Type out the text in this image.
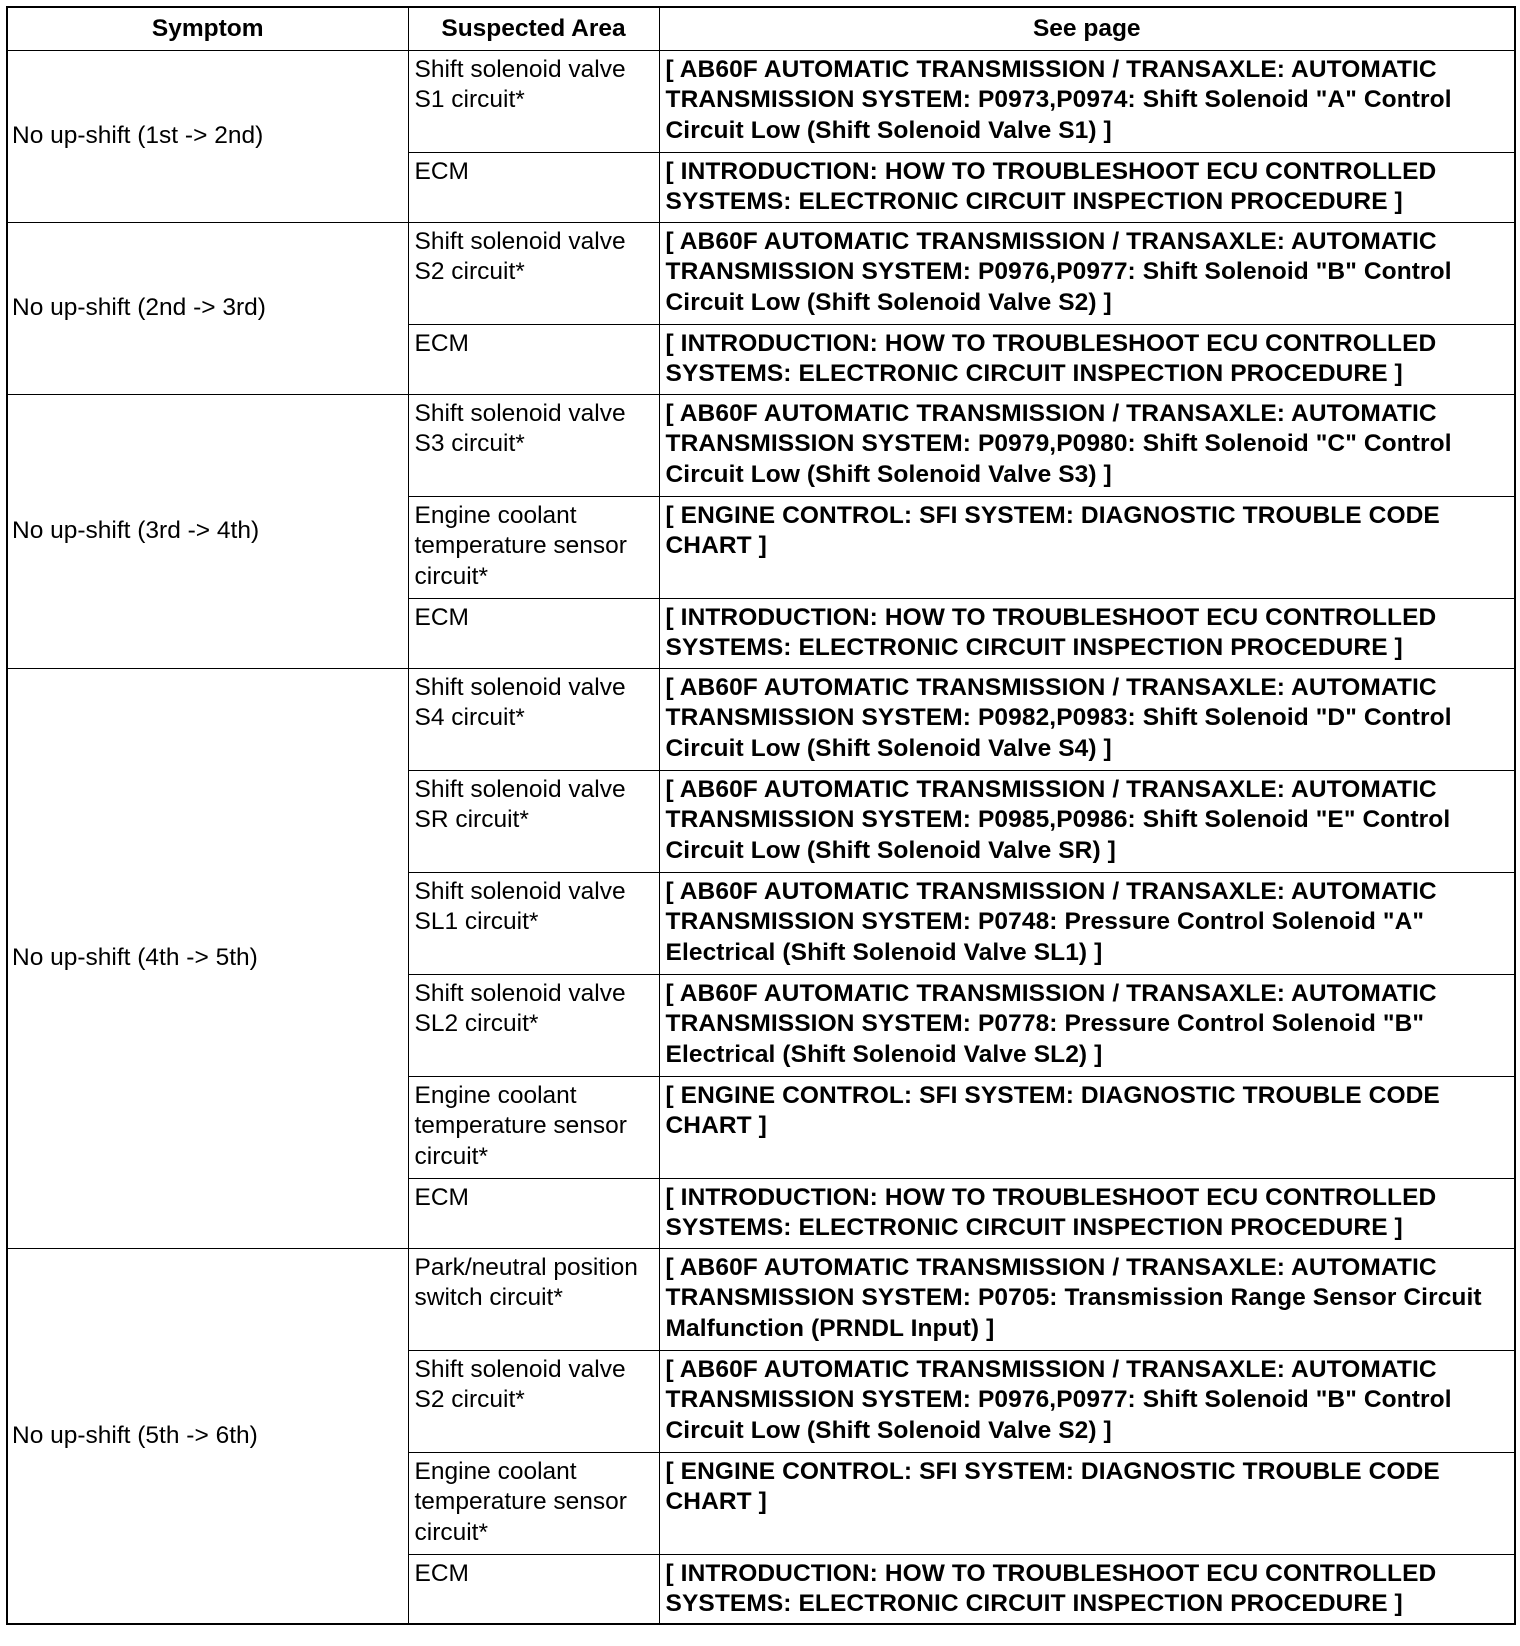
Symptom	Suspected Area	See page
No up-shift (1st -> 2nd)	Shift solenoid valve S1 circuit*	[ AB60F AUTOMATIC TRANSMISSION / TRANSAXLE: AUTOMATIC TRANSMISSION SYSTEM: P0973,P0974: Shift Solenoid "A" Control Circuit Low (Shift Solenoid Valve S1) ]
	ECM	[ INTRODUCTION: HOW TO TROUBLESHOOT ECU CONTROLLED SYSTEMS: ELECTRONIC CIRCUIT INSPECTION PROCEDURE ]
No up-shift (2nd -> 3rd)	Shift solenoid valve S2 circuit*	[ AB60F AUTOMATIC TRANSMISSION / TRANSAXLE: AUTOMATIC TRANSMISSION SYSTEM: P0976,P0977: Shift Solenoid "B" Control Circuit Low (Shift Solenoid Valve S2) ]
	ECM	[ INTRODUCTION: HOW TO TROUBLESHOOT ECU CONTROLLED SYSTEMS: ELECTRONIC CIRCUIT INSPECTION PROCEDURE ]
No up-shift (3rd -> 4th)	Shift solenoid valve S3 circuit*	[ AB60F AUTOMATIC TRANSMISSION / TRANSAXLE: AUTOMATIC TRANSMISSION SYSTEM: P0979,P0980: Shift Solenoid "C" Control Circuit Low (Shift Solenoid Valve S3) ]
	Engine coolant temperature sensor circuit*	[ ENGINE CONTROL: SFI SYSTEM: DIAGNOSTIC TROUBLE CODE CHART ]
	ECM	[ INTRODUCTION: HOW TO TROUBLESHOOT ECU CONTROLLED SYSTEMS: ELECTRONIC CIRCUIT INSPECTION PROCEDURE ]
No up-shift (4th -> 5th)	Shift solenoid valve S4 circuit*	[ AB60F AUTOMATIC TRANSMISSION / TRANSAXLE: AUTOMATIC TRANSMISSION SYSTEM: P0982,P0983: Shift Solenoid "D" Control Circuit Low (Shift Solenoid Valve S4) ]
	Shift solenoid valve SR circuit*	[ AB60F AUTOMATIC TRANSMISSION / TRANSAXLE: AUTOMATIC TRANSMISSION SYSTEM: P0985,P0986: Shift Solenoid "E" Control Circuit Low (Shift Solenoid Valve SR) ]
	Shift solenoid valve SL1 circuit*	[ AB60F AUTOMATIC TRANSMISSION / TRANSAXLE: AUTOMATIC TRANSMISSION SYSTEM: P0748: Pressure Control Solenoid "A" Electrical (Shift Solenoid Valve SL1) ]
	Shift solenoid valve SL2 circuit*	[ AB60F AUTOMATIC TRANSMISSION / TRANSAXLE: AUTOMATIC TRANSMISSION SYSTEM: P0778: Pressure Control Solenoid "B" Electrical (Shift Solenoid Valve SL2) ]
	Engine coolant temperature sensor circuit*	[ ENGINE CONTROL: SFI SYSTEM: DIAGNOSTIC TROUBLE CODE CHART ]
	ECM	[ INTRODUCTION: HOW TO TROUBLESHOOT ECU CONTROLLED SYSTEMS: ELECTRONIC CIRCUIT INSPECTION PROCEDURE ]
No up-shift (5th -> 6th)	Park/neutral position switch circuit*	[ AB60F AUTOMATIC TRANSMISSION / TRANSAXLE: AUTOMATIC TRANSMISSION SYSTEM: P0705: Transmission Range Sensor Circuit Malfunction (PRNDL Input) ]
	Shift solenoid valve S2 circuit*	[ AB60F AUTOMATIC TRANSMISSION / TRANSAXLE: AUTOMATIC TRANSMISSION SYSTEM: P0976,P0977: Shift Solenoid "B" Control Circuit Low (Shift Solenoid Valve S2) ]
	Engine coolant temperature sensor circuit*	[ ENGINE CONTROL: SFI SYSTEM: DIAGNOSTIC TROUBLE CODE CHART ]
	ECM	[ INTRODUCTION: HOW TO TROUBLESHOOT ECU CONTROLLED SYSTEMS: ELECTRONIC CIRCUIT INSPECTION PROCEDURE ]
